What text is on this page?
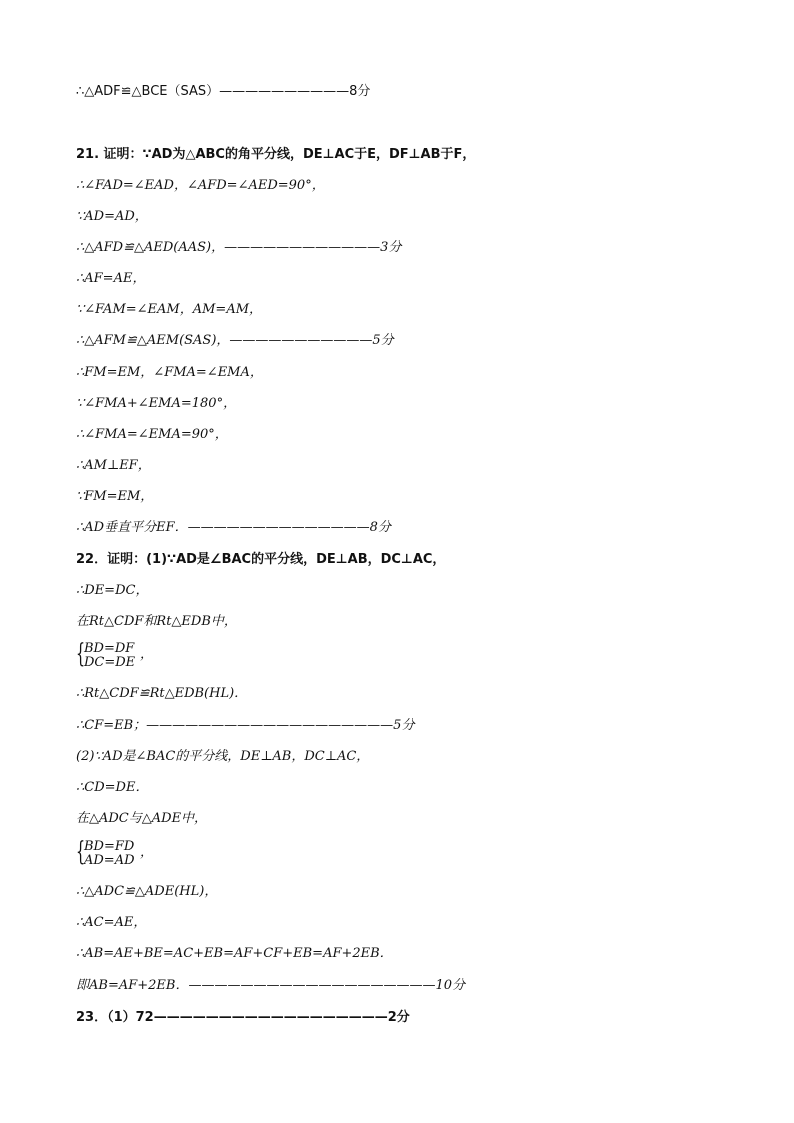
∴△ADF≌△BCE（SAS）——————————8分
21. 证明：∵AD为△ABC的角平分线，DE⊥AC于E，DF⊥AB于F，
∴∠FAD=∠EAD，∠AFD=∠AED=90°，
∵AD=AD，
∴△AFD≌△AED(AAS)，————————————3分
∴AF=AE，
∵∠FAM=∠EAM，AM=AM，
∴△AFM≌△AEM(SAS)，———————————5分
∴FM=EM，∠FMA=∠EMA，
∵∠FMA+∠EMA=180°，
∴∠FMA=∠EMA=90°，
∴AM⊥EF，
∵FM=EM，
∴AD垂直平分EF．——————————————8分
22．证明：(1)∵AD是∠BAC的平分线，DE⊥AB，DC⊥AC，
∴DE=DC，
在Rt△CDF和Rt△EDB中，
{
BD=DF
DC=DE
，
∴Rt△CDF≌Rt△EDB(HL)．
∴CF=EB；———————————————————5分
(2)∵AD是∠BAC的平分线，DE⊥AB，DC⊥AC，
∴CD=DE．
在△ADC与△ADE中，
{
BD=FD
AD=AD
，
∴△ADC≌△ADE(HL)，
∴AC=AE，
∴AB=AE+BE=AC+EB=AF+CF+EB=AF+2EB．
即AB=AF+2EB．———————————————————10分
23．（1）72——————————————————2分
